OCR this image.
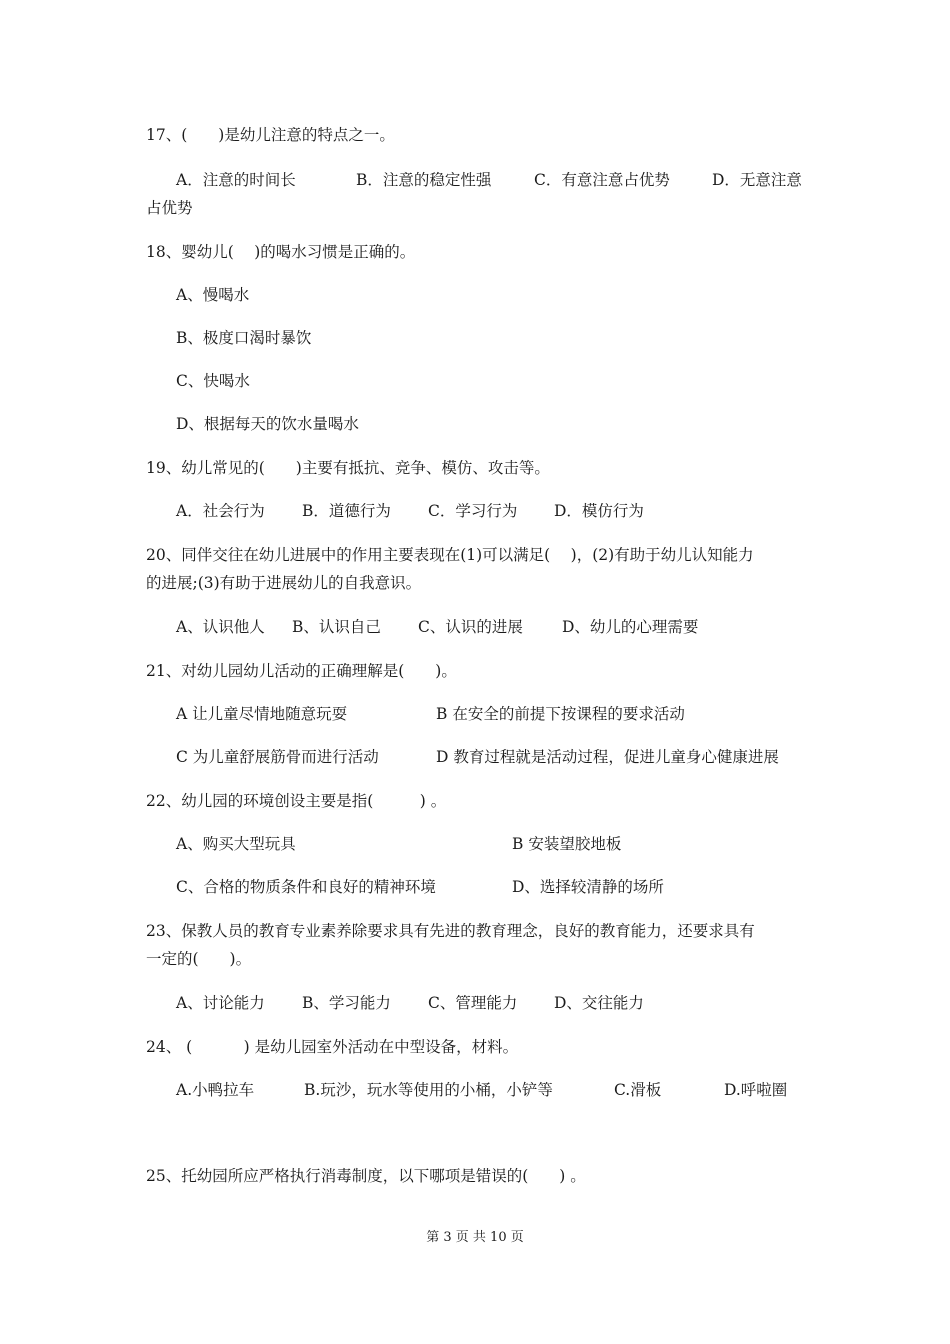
17、(　　)是幼儿注意的特点之一。
A．注意的时间长	B．注意的稳定性强	C．有意注意占优势	D．无意注意
占优势
18、婴幼儿(　 )的喝水习惯是正确的。
A、慢喝水
B、极度口渴时暴饮
C、快喝水
D、根据每天的饮水量喝水
19、幼儿常见的(　　)主要有抵抗、竞争、模仿、攻击等。
A．社会行为	B．道德行为	C．学习行为	D．模仿行为
20、同伴交往在幼儿进展中的作用主要表现在(1)可以满足(　 )，(2)有助于幼儿认知能力
的进展;(3)有助于进展幼儿的自我意识。
A、认识他人	B、认识自己	C、认识的进展	D、幼儿的心理需要
21、对幼儿园幼儿活动的正确理解是(　　)。
A 让儿童尽情地随意玩耍	B 在安全的前提下按课程的要求活动
C 为儿童舒展筋骨而进行活动	D 教育过程就是活动过程，促进儿童身心健康进展
22、幼儿园的环境创设主要是指(　　　) 。
A、购买大型玩具	B 安装望胶地板
C、合格的物质条件和良好的精神环境	D、选择较清静的场所
23、保教人员的教育专业素养除要求具有先进的教育理念，良好的教育能力，还要求具有
一定的(　　)。
A、讨论能力	B、学习能力	C、管理能力	D、交往能力
24、 (　　　 ) 是幼儿园室外活动在中型设备，材料。
A.小鸭拉车	B.玩沙，玩水等使用的小桶，小铲等	C.滑板	D.呼啦圈
25、托幼园所应严格执行消毒制度，以下哪项是错误的(　　) 。
第 3 页 共 10 页
